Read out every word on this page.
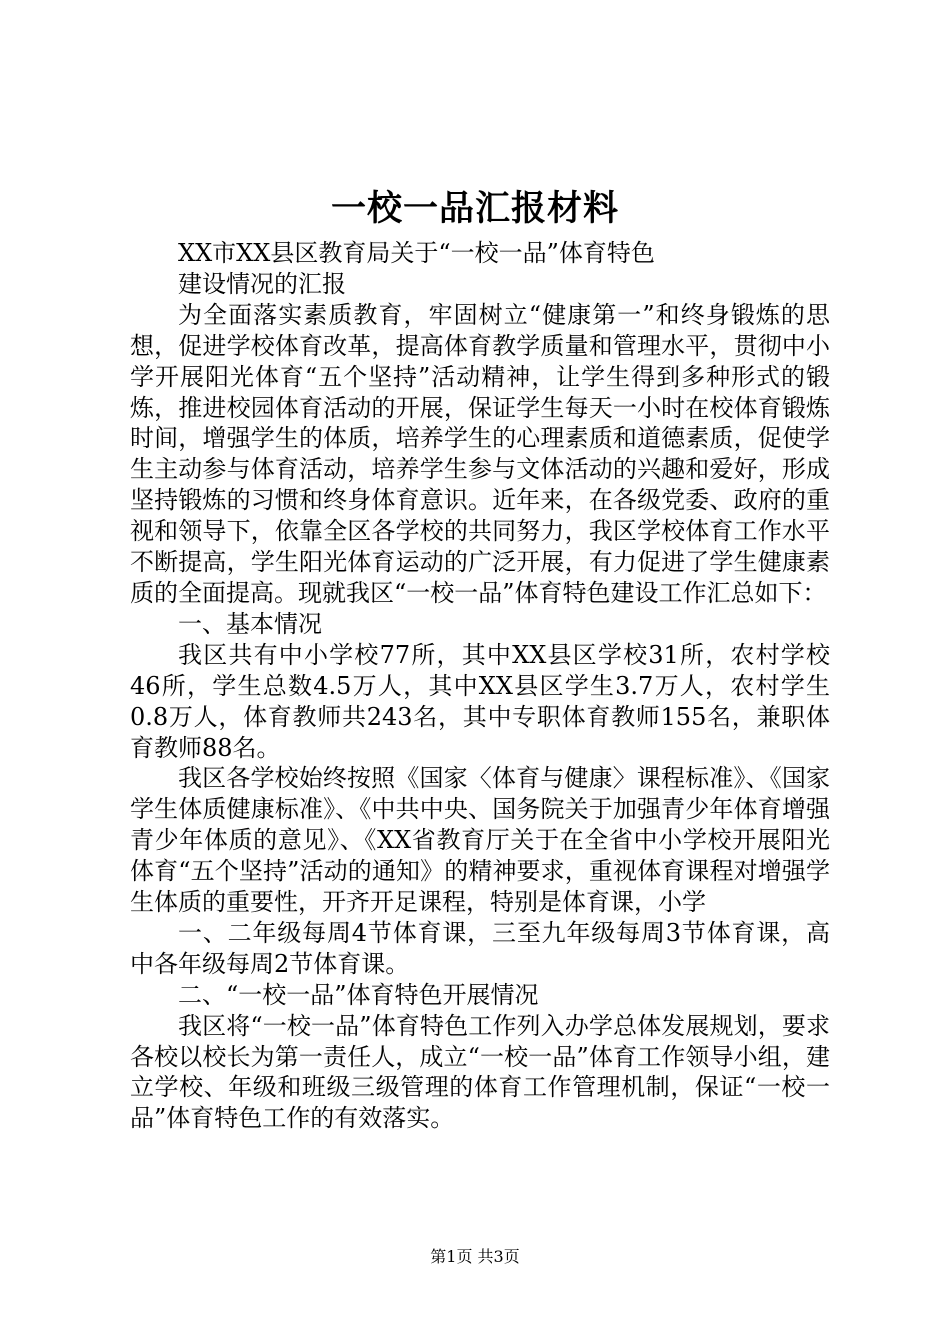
一校一品汇报材料

XX市XX县区教育局关于“一校一品”体育特色

建设情况的汇报

为全面落实素质教育，牢固树立“健康第一”和终身锻炼的思想，促进学校体育改革，提高体育教学质量和管理水平，贯彻中小学开展阳光体育“五个坚持”活动精神，让学生得到多种形式的锻炼，推进校园体育活动的开展，保证学生每天一小时在校体育锻炼时间，增强学生的体质，培养学生的心理素质和道德素质，促使学生主动参与体育活动，培养学生参与文体活动的兴趣和爱好，形成坚持锻炼的习惯和终身体育意识。近年来，在各级党委、政府的重视和领导下，依靠全区各学校的共同努力，我区学校体育工作水平不断提高，学生阳光体育运动的广泛开展，有力促进了学生健康素质的全面提高。现就我区“一校一品”体育特色建设工作汇总如下：

一、基本情况

我区共有中小学校77所，其中XX县区学校31所，农村学校46所，学生总数4.5万人，其中XX县区学生3.7万人，农村学生0.8万人，体育教师共243名，其中专职体育教师155名，兼职体育教师88名。

我区各学校始终按照《国家〈体育与健康〉课程标准》、《国家学生体质健康标准》、《中共中央、国务院关于加强青少年体育增强青少年体质的意见》、《XX省教育厅关于在全省中小学校开展阳光体育“五个坚持”活动的通知》的精神要求，重视体育课程对增强学生体质的重要性，开齐开足课程，特别是体育课，小学

一、二年级每周4节体育课，三至九年级每周3节体育课，高中各年级每周2节体育课。

二、“一校一品”体育特色开展情况

我区将“一校一品”体育特色工作列入办学总体发展规划，要求各校以校长为第一责任人，成立“一校一品”体育工作领导小组，建立学校、年级和班级三级管理的体育工作管理机制，保证“一校一品”体育特色工作的有效落实。

第1页 共3页
